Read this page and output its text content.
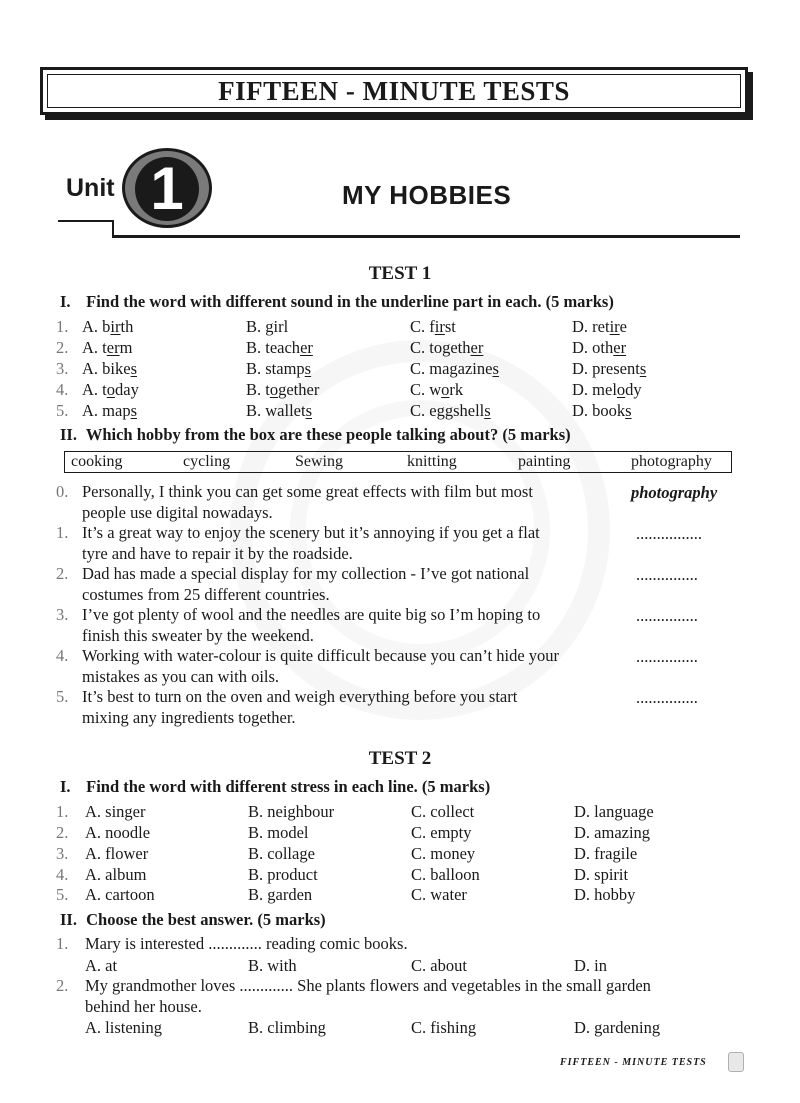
FIFTEEN - MINUTE TESTS
Unit 1	MY HOBBIES
TEST 1
I. Find the word with different sound in the underline part in each. (5 marks)
1. A. birth	B. girl	C. first	D. retire
2. A. term	B. teacher	C. together	D. other
3. A. bikes	B. stamps	C. magazines	D. presents
4. A. today	B. together	C. work	D. melody
5. A. maps	B. wallets	C. eggshells	D. books
II. Which hobby from the box are these people talking about? (5 marks)
cooking	cycling	Sewing	knitting	painting	photography
0. Personally, I think you can get some great effects with film but most
people use digital nowadays.
photography
1. It’s a great way to enjoy the scenery but it’s annoying if you get a flat
tyre and have to repair it by the roadside.
................
2. Dad has made a special display for my collection - I’ve got national
costumes from 25 different countries.
...............
3. I’ve got plenty of wool and the needles are quite big so I’m hoping to
finish this sweater by the weekend.
...............
4. Working with water-colour is quite difficult because you can’t hide your
mistakes as you can with oils.
...............
5. It’s best to turn on the oven and weigh everything before you start
mixing any ingredients together.
...............
TEST 2
I. Find the word with different stress in each line. (5 marks)
1. A. singer	B. neighbour	C. collect	D. language
2. A. noodle	B. model	C. empty	D. amazing
3. A. flower	B. collage	C. money	D. fragile
4. A. album	B. product	C. balloon	D. spirit
5. A. cartoon	B. garden	C. water	D. hobby
II. Choose the best answer. (5 marks)
1. Mary is interested ............. reading comic books.
A. at	B. with	C. about	D. in
2. My grandmother loves ............. She plants flowers and vegetables in the small garden
behind her house.
A. listening	B. climbing	C. fishing	D. gardening
FIFTEEN - MINUTE TESTS
